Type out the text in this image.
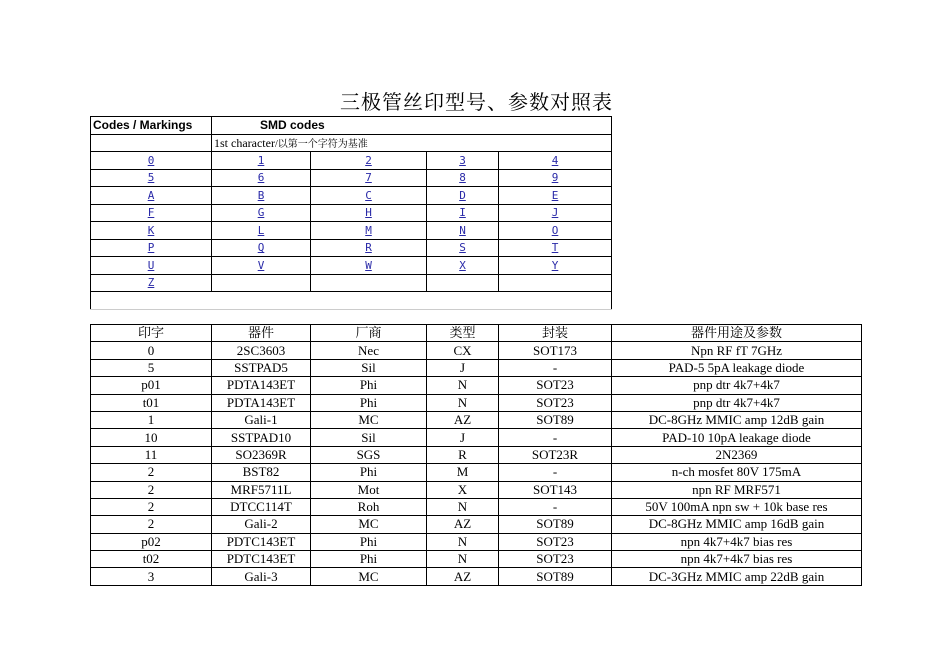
三极管丝印型号、参数对照表
Codes / Markings	SMD codes			
	1st character/以第一个字符为基准			
0	1	2	3	4
5	6	7	8	9
A	B	C	D	E
F	G	H	I	J
K	L	M	N	O
P	Q	R	S	T
U	V	W	X	Y
Z				

印字	器件	厂商	类型	封装	器件用途及参数
0	2SC3603	Nec	CX	SOT173	Npn RF fT 7GHz
5	SSTPAD5	Sil	J	-	PAD-5 5pA leakage diode
p01	PDTA143ET	Phi	N	SOT23	pnp dtr 4k7+4k7
t01	PDTA143ET	Phi	N	SOT23	pnp dtr 4k7+4k7
1	Gali-1	MC	AZ	SOT89	DC-8GHz MMIC amp 12dB gain
10	SSTPAD10	Sil	J	-	PAD-10 10pA leakage diode
11	SO2369R	SGS	R	SOT23R	2N2369
2	BST82	Phi	M	-	n-ch mosfet 80V 175mA
2	MRF5711L	Mot	X	SOT143	npn RF MRF571
2	DTCC114T	Roh	N	-	50V 100mA npn sw + 10k base res
2	Gali-2	MC	AZ	SOT89	DC-8GHz MMIC amp 16dB gain
p02	PDTC143ET	Phi	N	SOT23	npn 4k7+4k7 bias res
t02	PDTC143ET	Phi	N	SOT23	npn 4k7+4k7 bias res
3	Gali-3	MC	AZ	SOT89	DC-3GHz MMIC amp 22dB gain
